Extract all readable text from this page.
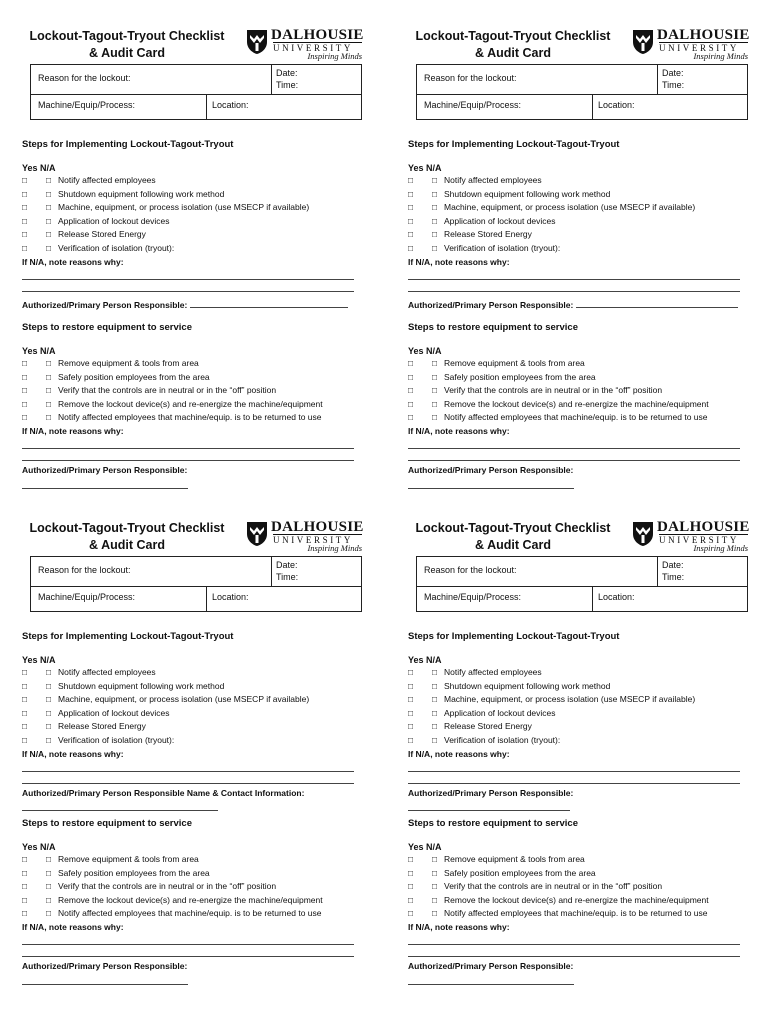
Lockout-Tagout-Tryout Checklist
& Audit Card
DALHOUSIE
UNIVERSITY
Inspiring Minds
Reason for the lockout:	Date:
Time:
Machine/Equip/Process:	Location:
Steps for Implementing Lockout-Tagout-Tryout
Yes N/A
□ □ Notify affected employees
□ □ Shutdown equipment following work method
□ □ Machine, equipment, or process isolation (use MSECP if available)
□ □ Application of lockout devices
□ □ Release Stored Energy
□ □ Verification of isolation (tryout):
If N/A, note reasons why:
Authorized/Primary Person Responsible:
Steps to restore equipment to service
Yes N/A
□ □ Remove equipment & tools from area
□ □ Safely position employees from the area
□ □ Verify that the controls are in neutral or in the “off” position
□ □ Remove the lockout device(s) and re-energize the machine/equipment
□ □ Notify affected employees that machine/equip. is to be returned to use
If N/A, note reasons why:
Authorized/Primary Person Responsible:
Lockout-Tagout-Tryout Checklist
& Audit Card
DALHOUSIE
UNIVERSITY
Inspiring Minds
Reason for the lockout:	Date:
Time:
Machine/Equip/Process:	Location:
Steps for Implementing Lockout-Tagout-Tryout
Yes N/A
□ □ Notify affected employees
□ □ Shutdown equipment following work method
□ □ Machine, equipment, or process isolation (use MSECP if available)
□ □ Application of lockout devices
□ □ Release Stored Energy
□ □ Verification of isolation (tryout):
If N/A, note reasons why:
Authorized/Primary Person Responsible:
Steps to restore equipment to service
Yes N/A
□ □ Remove equipment & tools from area
□ □ Safely position employees from the area
□ □ Verify that the controls are in neutral or in the “off” position
□ □ Remove the lockout device(s) and re-energize the machine/equipment
□ □ Notify affected employees that machine/equip. is to be returned to use
If N/A, note reasons why:
Authorized/Primary Person Responsible:
Lockout-Tagout-Tryout Checklist
& Audit Card
DALHOUSIE
UNIVERSITY
Inspiring Minds
Reason for the lockout:	Date:
Time:
Machine/Equip/Process:	Location:
Steps for Implementing Lockout-Tagout-Tryout
Yes N/A
□ □ Notify affected employees
□ □ Shutdown equipment following work method
□ □ Machine, equipment, or process isolation (use MSECP if available)
□ □ Application of lockout devices
□ □ Release Stored Energy
□ □ Verification of isolation (tryout):
If N/A, note reasons why:
Authorized/Primary Person Responsible Name & Contact Information:
Steps to restore equipment to service
Yes N/A
□ □ Remove equipment & tools from area
□ □ Safely position employees from the area
□ □ Verify that the controls are in neutral or in the “off” position
□ □ Remove the lockout device(s) and re-energize the machine/equipment
□ □ Notify affected employees that machine/equip. is to be returned to use
If N/A, note reasons why:
Authorized/Primary Person Responsible:
Lockout-Tagout-Tryout Checklist
& Audit Card
DALHOUSIE
UNIVERSITY
Inspiring Minds
Reason for the lockout:	Date:
Time:
Machine/Equip/Process:	Location:
Steps for Implementing Lockout-Tagout-Tryout
Yes N/A
□ □ Notify affected employees
□ □ Shutdown equipment following work method
□ □ Machine, equipment, or process isolation (use MSECP if available)
□ □ Application of lockout devices
□ □ Release Stored Energy
□ □ Verification of isolation (tryout):
If N/A, note reasons why:
Authorized/Primary Person Responsible:
Steps to restore equipment to service
Yes N/A
□ □ Remove equipment & tools from area
□ □ Safely position employees from the area
□ □ Verify that the controls are in neutral or in the “off” position
□ □ Remove the lockout device(s) and re-energize the machine/equipment
□ □ Notify affected employees that machine/equip. is to be returned to use
If N/A, note reasons why:
Authorized/Primary Person Responsible:
